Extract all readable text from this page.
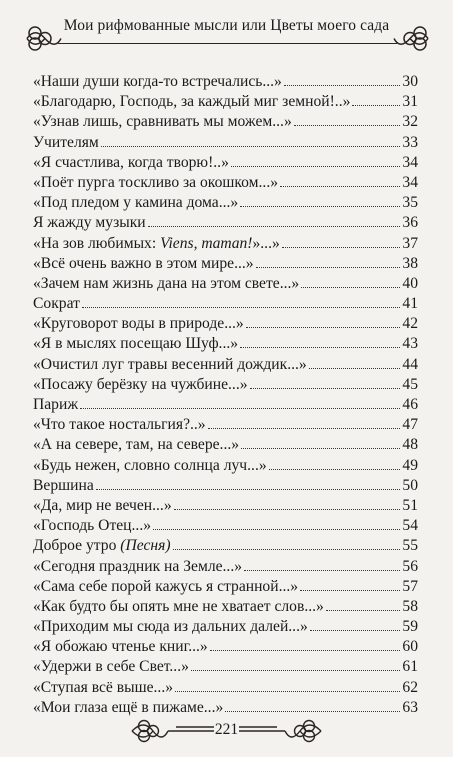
Мои рифмованные мысли или Цветы моего сада
«Наши души когда-то встречались...»	30
«Благодарю, Господь, за каждый миг земной!..»	31
«Узнав лишь, сравнивать мы можем...»	32
Учителям	33
«Я счастлива, когда творю!..»	34
«Поёт пурга тоскливо за окошком...»	34
«Под пледом у камина дома...»	35
Я жажду музыки	36
«На зов любимых: Viens, maman!»...»	37
«Всё очень важно в этом мире...»	38
«Зачем нам жизнь дана на этом свете...»	40
Сократ	41
«Круговорот воды в природе...»	42
«Я в мыслях посещаю Шуф...»	43
«Очистил луг травы весенний дождик...»	44
«Посажу берёзку на чужбине...»	45
Париж	46
«Что такое ностальгия?..»	47
«А на севере, там, на севере...»	48
«Будь нежен, словно солнца луч...»	49
Вершина	50
«Да, мир не вечен...»	51
«Господь Отец...»	54
Доброе утро (Песня)	55
«Сегодня праздник на Земле...»	56
«Сама себе порой кажусь я странной...»	57
«Как будто бы опять мне не хватает слов...»	58
«Приходим мы сюда из дальних далей...»	59
«Я обожаю чтенье книг...»	60
«Удержи в себе Свет...»	61
«Ступая всё выше...»	62
«Мои глаза ещё в пижаме...»	63
221
